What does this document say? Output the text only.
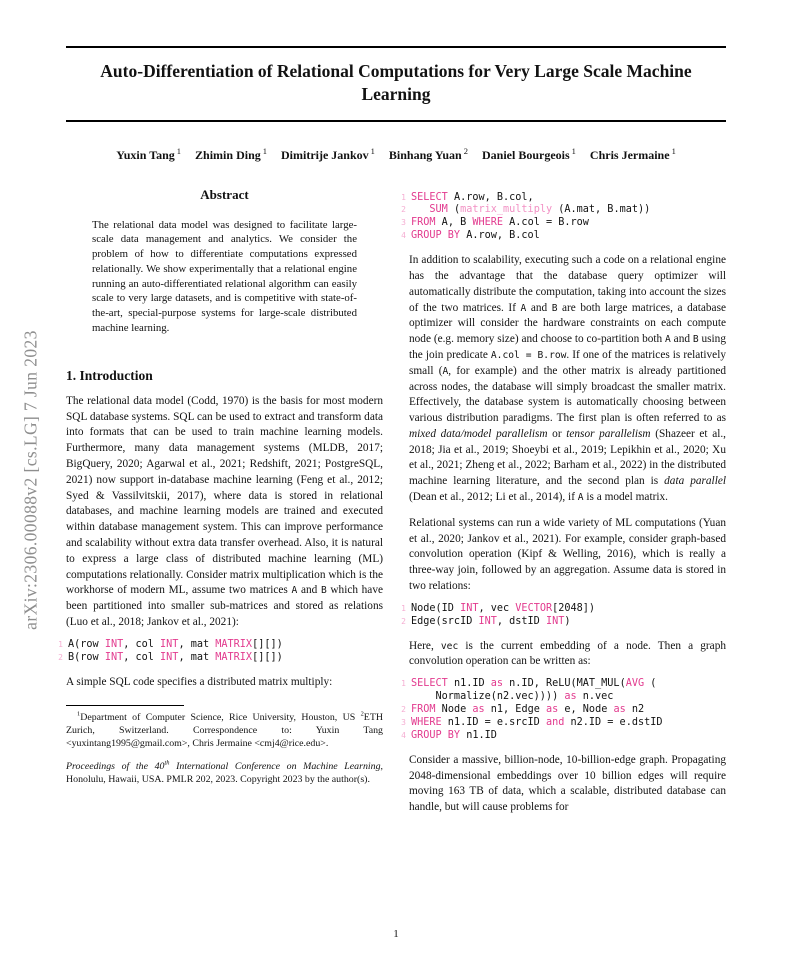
arXiv:2306.00088v2 [cs.LG] 7 Jun 2023
Auto-Differentiation of Relational Computations for Very Large Scale Machine Learning
Yuxin Tang $^1$ Zhimin Ding $^1$ Dimitrije Jankov $^1$ Binhang Yuan $^2$ Daniel Bourgeois $^1$ Chris Jermaine $^1$
Abstract

The relational data model was designed to facilitate large-scale data management and analytics. We consider the problem of how to differentiate computations expressed relationally. We show experimentally that a relational engine running an auto-differentiated relational algorithm can easily scale to very large datasets, and is competitive with state-of-the-art, special-purpose systems for large-scale distributed machine learning.

1. Introduction

The relational data model (Codd, 1970) is the basis for most modern SQL database systems. SQL can be used to extract and transform data into formats that can be used to train machine learning models. Furthermore, many data management systems (MLDB, 2017; BigQuery, 2020; Agarwal et al., 2021; Redshift, 2021; PostgreSQL, 2021) now support in-database machine learning (Feng et al., 2012; Syed & Vassilvitskii, 2017), where data is stored in relational databases, and machine learning models are trained and executed within database management system. This can improve performance and scalability without extra data transfer overhead. Also, it is natural to express a large class of distributed machine learning (ML) computations relationally. Consider matrix multiplication which is the workhorse of modern ML, assume two matrices A and B which have been partitioned into smaller sub-matrices and stored as relations (Luo et al., 2018; Jankov et al., 2021):

1 A(row INT, col INT, mat MATRIX[][])
2 B(row INT, col INT, mat MATRIX[][])

A simple SQL code specifies a distributed matrix multiply:

$^1$Department of Computer Science, Rice University, Houston, US $^2$ETH Zurich, Switzerland. Correspondence to: Yuxin Tang <yuxintang1995@gmail.com>, Chris Jermaine <cmj4@rice.edu>.

Proceedings of the 40th International Conference on Machine Learning, Honolulu, Hawaii, USA. PMLR 202, 2023. Copyright 2023 by the author(s).

1 SELECT A.row, B.col,
2	SUM (matrix_multiply (A.mat, B.mat))
3 FROM A, B WHERE A.col = B.row
4 GROUP BY A.row, B.col

In addition to scalability, executing such a code on a relational engine has the advantage that the database query optimizer will automatically distribute the computation, taking into account the sizes of the two matrices. If A and B are both large matrices, a database optimizer will consider the hardware constraints on each compute node (e.g. memory size) and choose to co-partition both A and B using the join predicate A.col = B.row. If one of the matrices is relatively small (A, for example) and the other matrix is already partitioned across nodes, the database will simply broadcast the smaller matrix. Effectively, the database system is automatically choosing between various distribution paradigms. The first plan is often referred to as mixed data/model parallelism or tensor parallelism (Shazeer et al., 2018; Jia et al., 2019; Shoeybi et al., 2019; Lepikhin et al., 2020; Xu et al., 2021; Zheng et al., 2022; Barham et al., 2022) in the distributed machine learning literature, and the second plan is data parallel (Dean et al., 2012; Li et al., 2014), if A is a model matrix.

Relational systems can run a wide variety of ML computations (Yuan et al., 2020; Jankov et al., 2021). For example, consider graph-based convolution operation (Kipf & Welling, 2016), which is really a three-way join, followed by an aggregation. Assume data is stored in two relations:

1 Node(ID INT, vec VECTOR[2048])
2 Edge(srcID INT, dstID INT)

Here, vec is the current embedding of a node. Then a graph convolution operation can be written as:

1 SELECT n1.ID as n.ID, ReLU(MAT_MUL(AVG (
Normalize(n2.vec)))) as n.vec
2 FROM Node as n1, Edge as e, Node as n2
3 WHERE n1.ID = e.srcID and n2.ID = e.dstID
4 GROUP BY n1.ID

Consider a massive, billion-node, 10-billion-edge graph. Propagating 2048-dimensional embeddings over 10 billion edges will require moving 163 TB of data, which a scalable, distributed database can handle, but will cause problems for

1
